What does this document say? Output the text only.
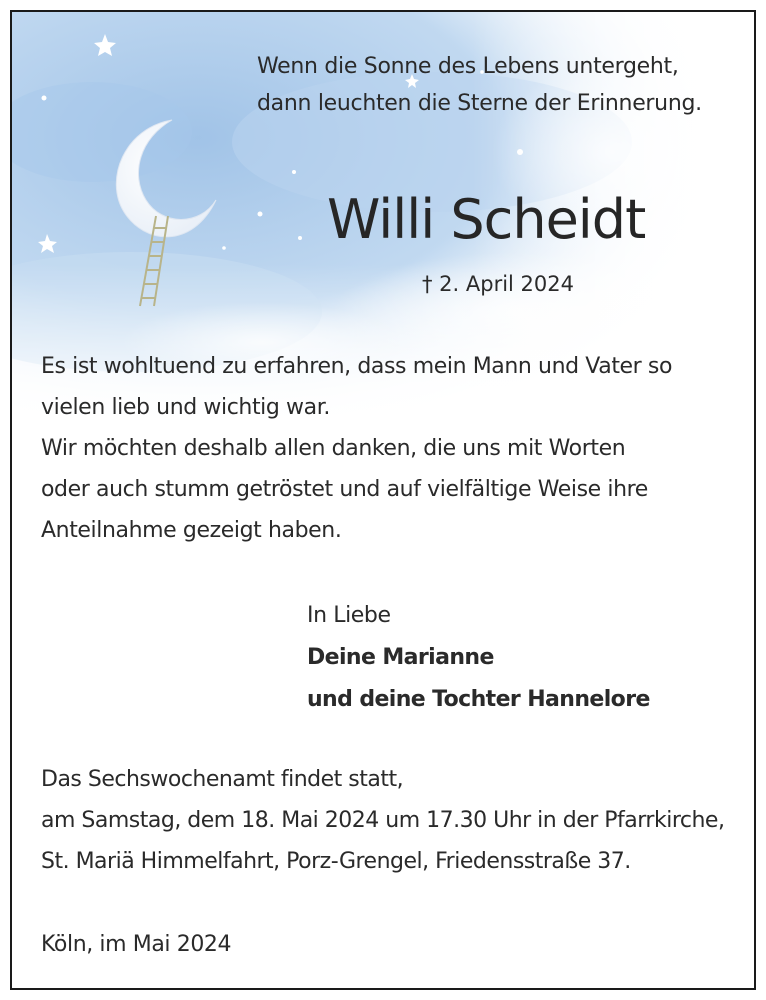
Wenn die Sonne des Lebens untergeht,
dann leuchten die Sterne der Erinnerung.
Willi Scheidt
† 2. April 2024
Es ist wohltuend zu erfahren, dass mein Mann und Vater so
vielen lieb und wichtig war.
Wir möchten deshalb allen danken, die uns mit Worten
oder auch stumm getröstet und auf vielfältige Weise ihre
Anteilnahme gezeigt haben.
In Liebe
Deine Marianne
und deine Tochter Hannelore
Das Sechswochenamt findet statt,
am Samstag, dem 18. Mai 2024 um 17.30 Uhr in der Pfarrkirche,
St. Mariä Himmelfahrt, Porz-Grengel, Friedensstraße 37.
Köln, im Mai 2024
